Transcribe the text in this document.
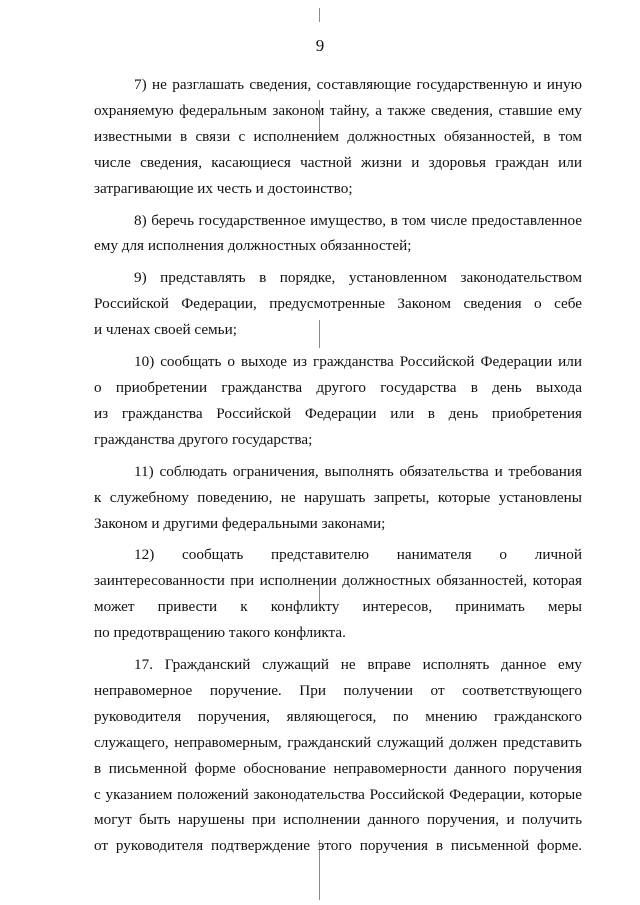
9
7) не разглашать сведения, составляющие государственную и иную
охраняемую федеральным законом тайну, а также сведения, ставшие ему
известными в связи с исполнением должностных обязанностей, в том
числе сведения, касающиеся частной жизни и здоровья граждан или
затрагивающие их честь и достоинство;
8) беречь государственное имущество, в том числе предоставленное
ему для исполнения должностных обязанностей;
9) представлять в порядке, установленном законодательством
Российской Федерации, предусмотренные Законом сведения о себе
и членах своей семьи;
10) сообщать о выходе из гражданства Российской Федерации или
о приобретении гражданства другого государства в день выхода
из гражданства Российской Федерации или в день приобретения
гражданства другого государства;
11) соблюдать ограничения, выполнять обязательства и требования
к служебному поведению, не нарушать запреты, которые установлены
Законом и другими федеральными законами;
12) сообщать представителю нанимателя о личной
заинтересованности при исполнении должностных обязанностей, которая
может привести к конфликту интересов, принимать меры
по предотвращению такого конфликта.
17. Гражданский служащий не вправе исполнять данное ему
неправомерное поручение. При получении от соответствующего
руководителя поручения, являющегося, по мнению гражданского
служащего, неправомерным, гражданский служащий должен представить
в письменной форме обоснование неправомерности данного поручения
с указанием положений законодательства Российской Федерации, которые
могут быть нарушены при исполнении данного поручения, и получить
от руководителя подтверждение этого поручения в письменной форме.
